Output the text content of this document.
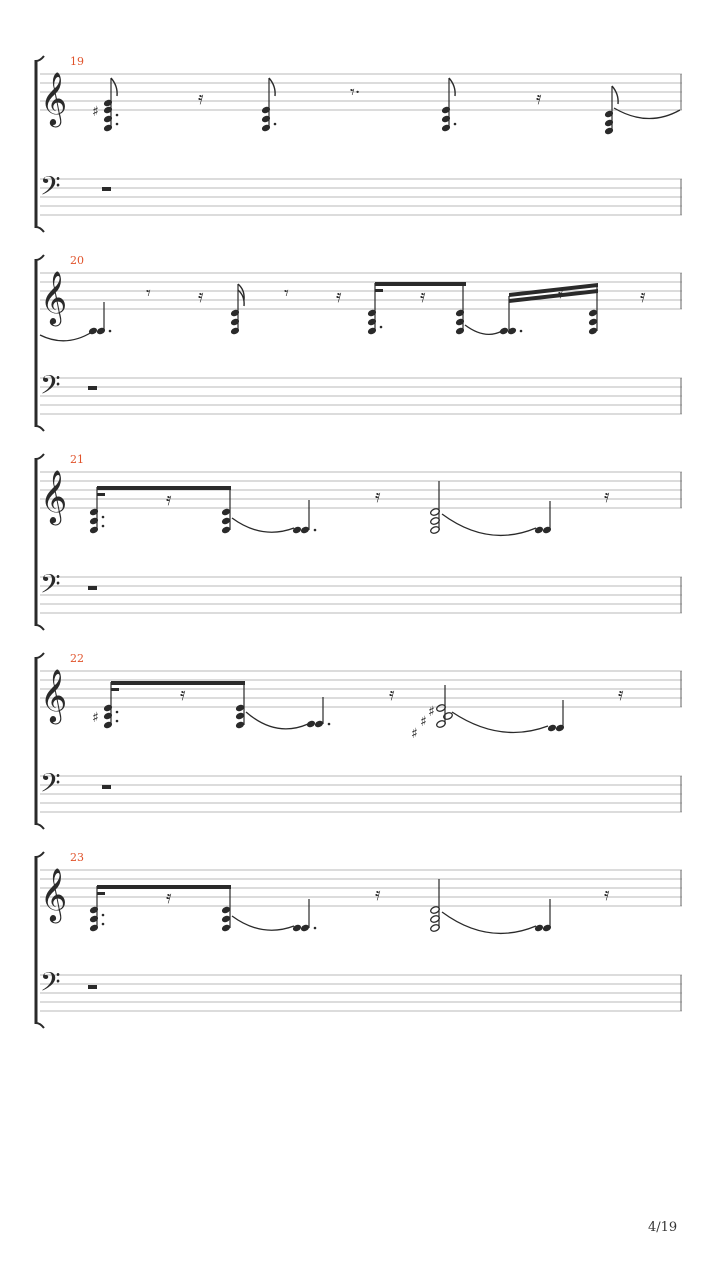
19
𝄞
𝄢
♯
𝄿	𝄾·	𝄿
20
𝄞
𝄢
𝄾	𝄿	𝄾	𝄿	𝄿	𝄿	𝄿
21
𝄞
𝄢
𝄿	𝄿	𝄿
22
𝄞
𝄢
♯
𝄿	𝄿
♯
♯
♯
𝄿
23
𝄞
𝄢
𝄿	𝄿	𝄿
4/19
